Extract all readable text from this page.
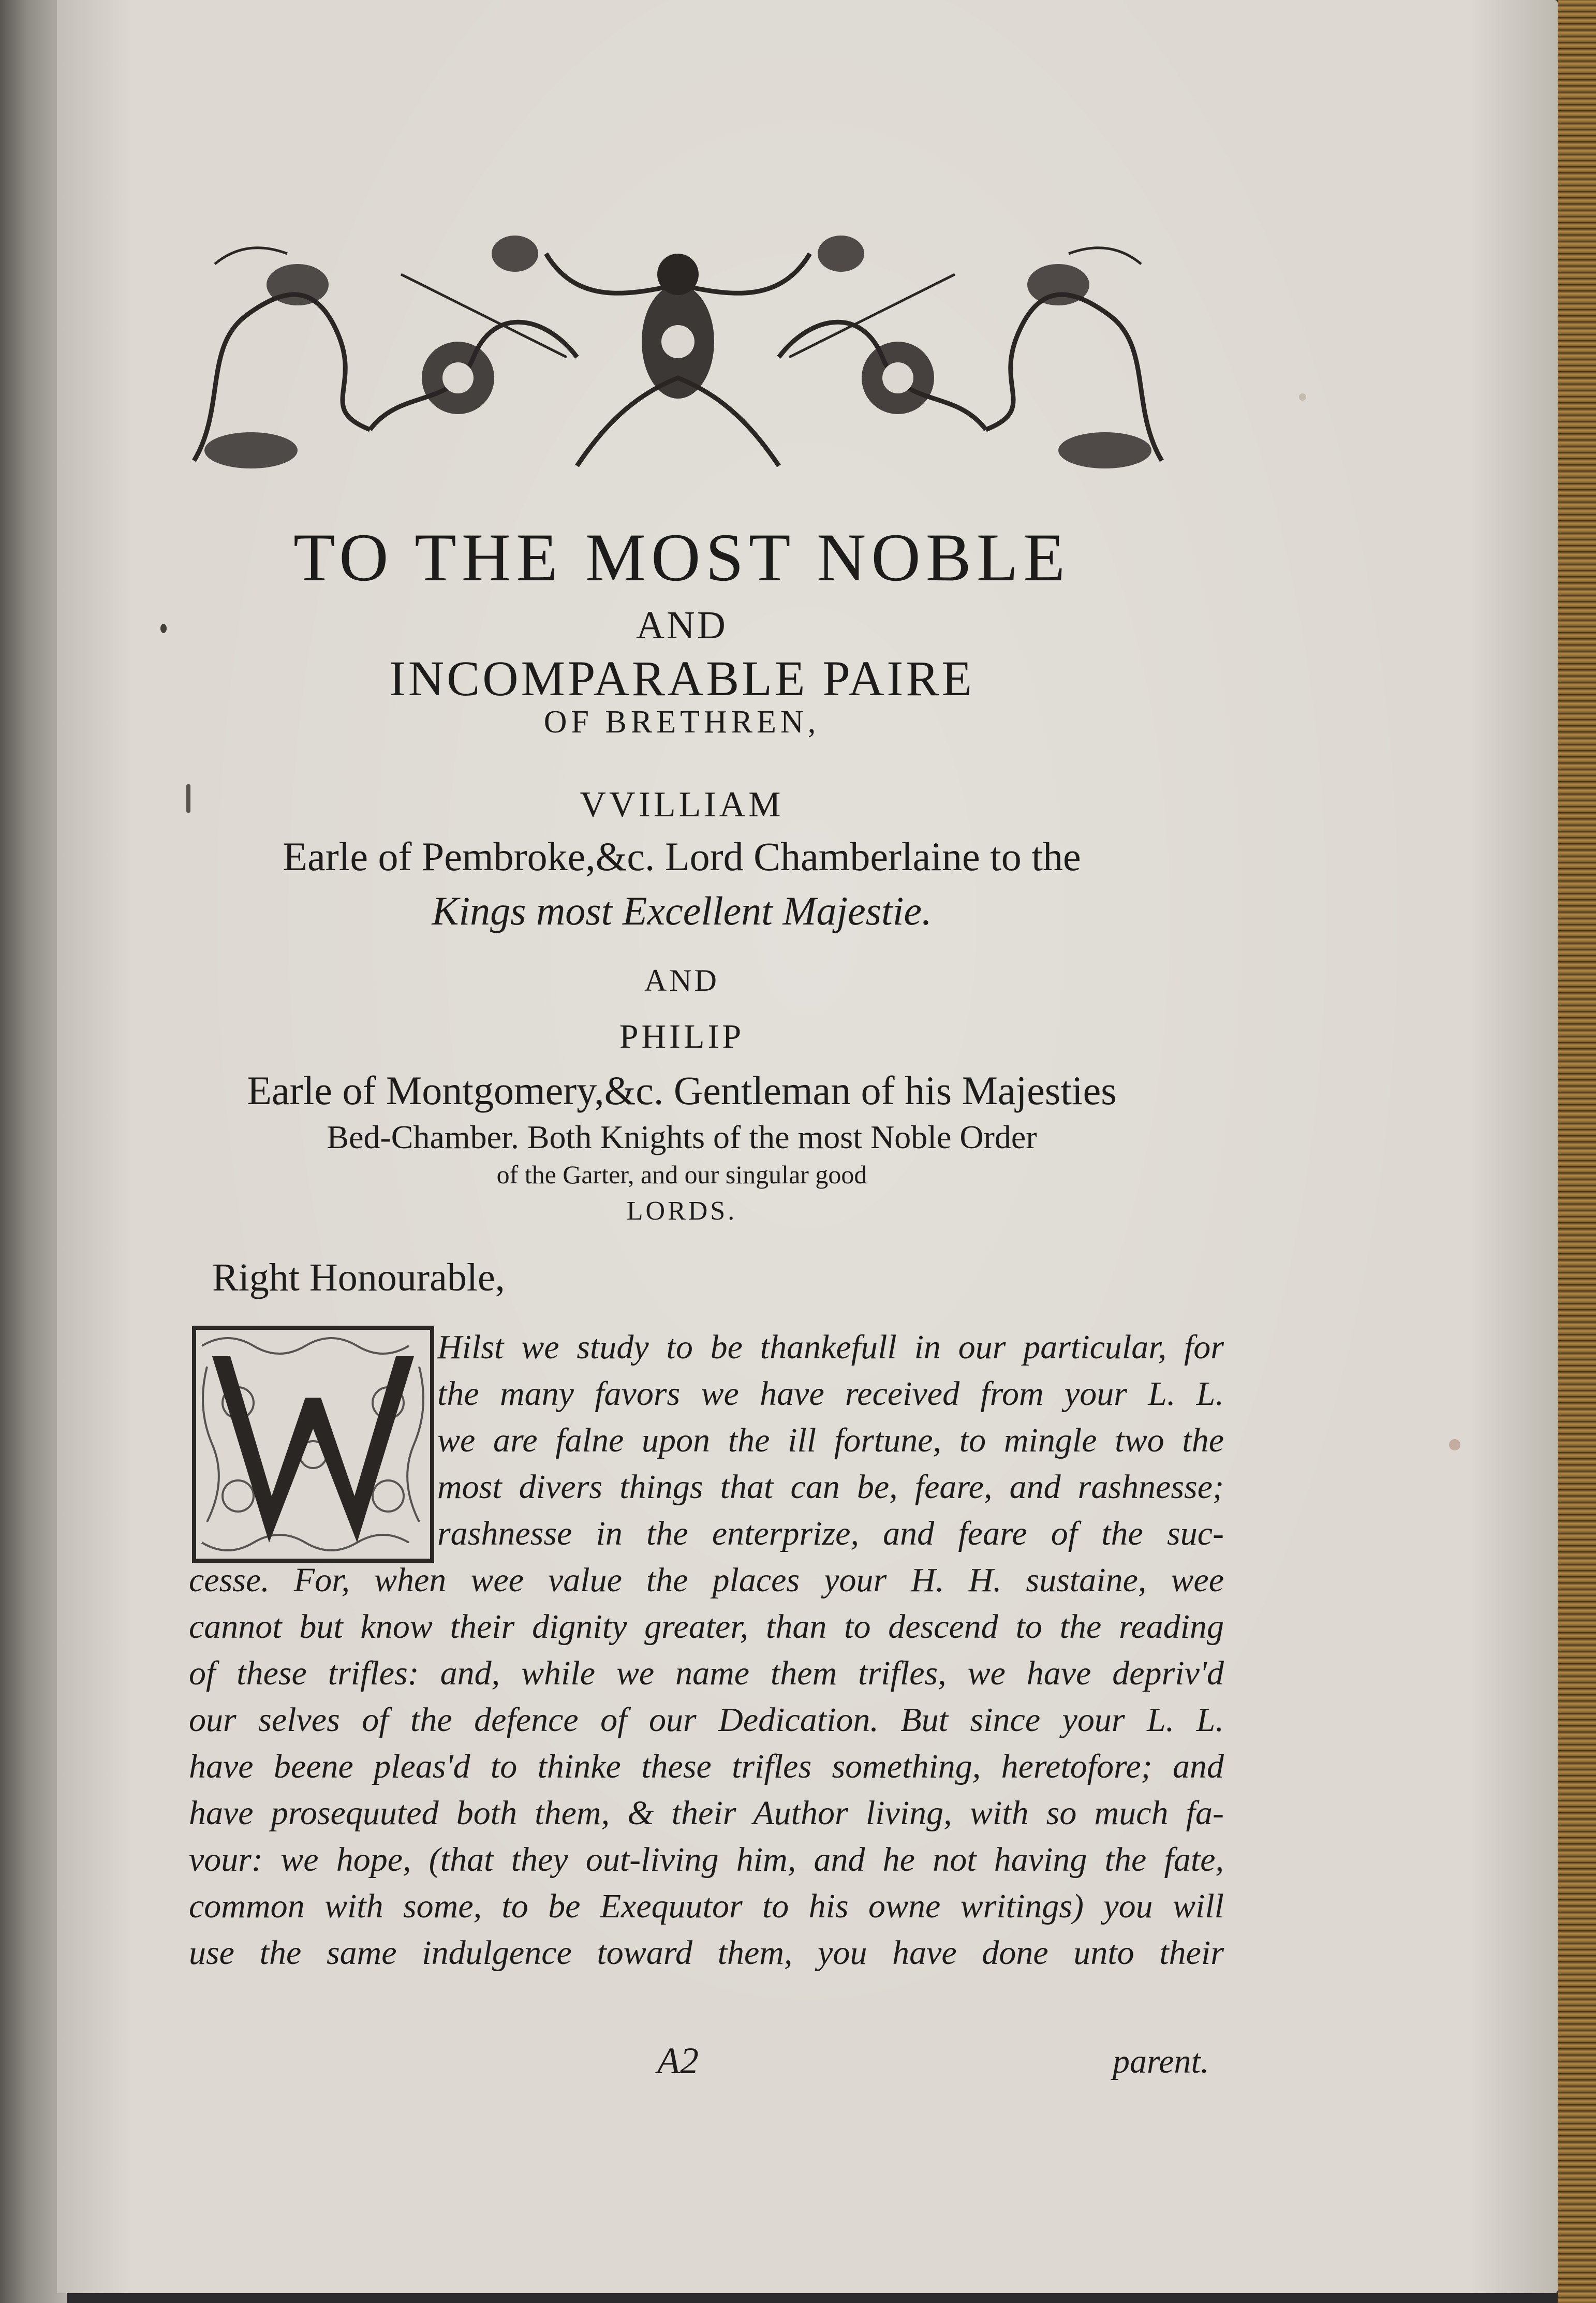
TO THE MOST NOBLE
AND
INCOMPARABLE PAIRE
OF BRETHREN,
VVILLIAM
Earle of Pembroke,&c. Lord Chamberlaine to the
Kings most Excellent Majestie.
AND
PHILIP
Earle of Montgomery,&c. Gentleman of his Majesties
Bed-Chamber. Both Knights of the most Noble Order
of the Garter, and our singular good
LORDS.
Right Honourable,
Hilst we study to be thankefull in our particular, for
the many favors we have received from your L. L.
we are falne upon the ill fortune, to mingle two the
most divers things that can be, feare, and rashnesse;
rashnesse in the enterprize, and feare of the suc-
cesse. For, when wee value the places your H. H. sustaine, wee
cannot but know their dignity greater, than to descend to the reading
of these trifles: and, while we name them trifles, we have depriv'd
our selves of the defence of our Dedication. But since your L. L.
have beene pleas'd to thinke these trifles something, heretofore; and
have prosequuted both them, & their Author living, with so much fa-
vour: we hope, (that they out-living him, and he not having the fate,
common with some, to be Exequutor to his owne writings) you will
use the same indulgence toward them, you have done unto their
A2	parent.
